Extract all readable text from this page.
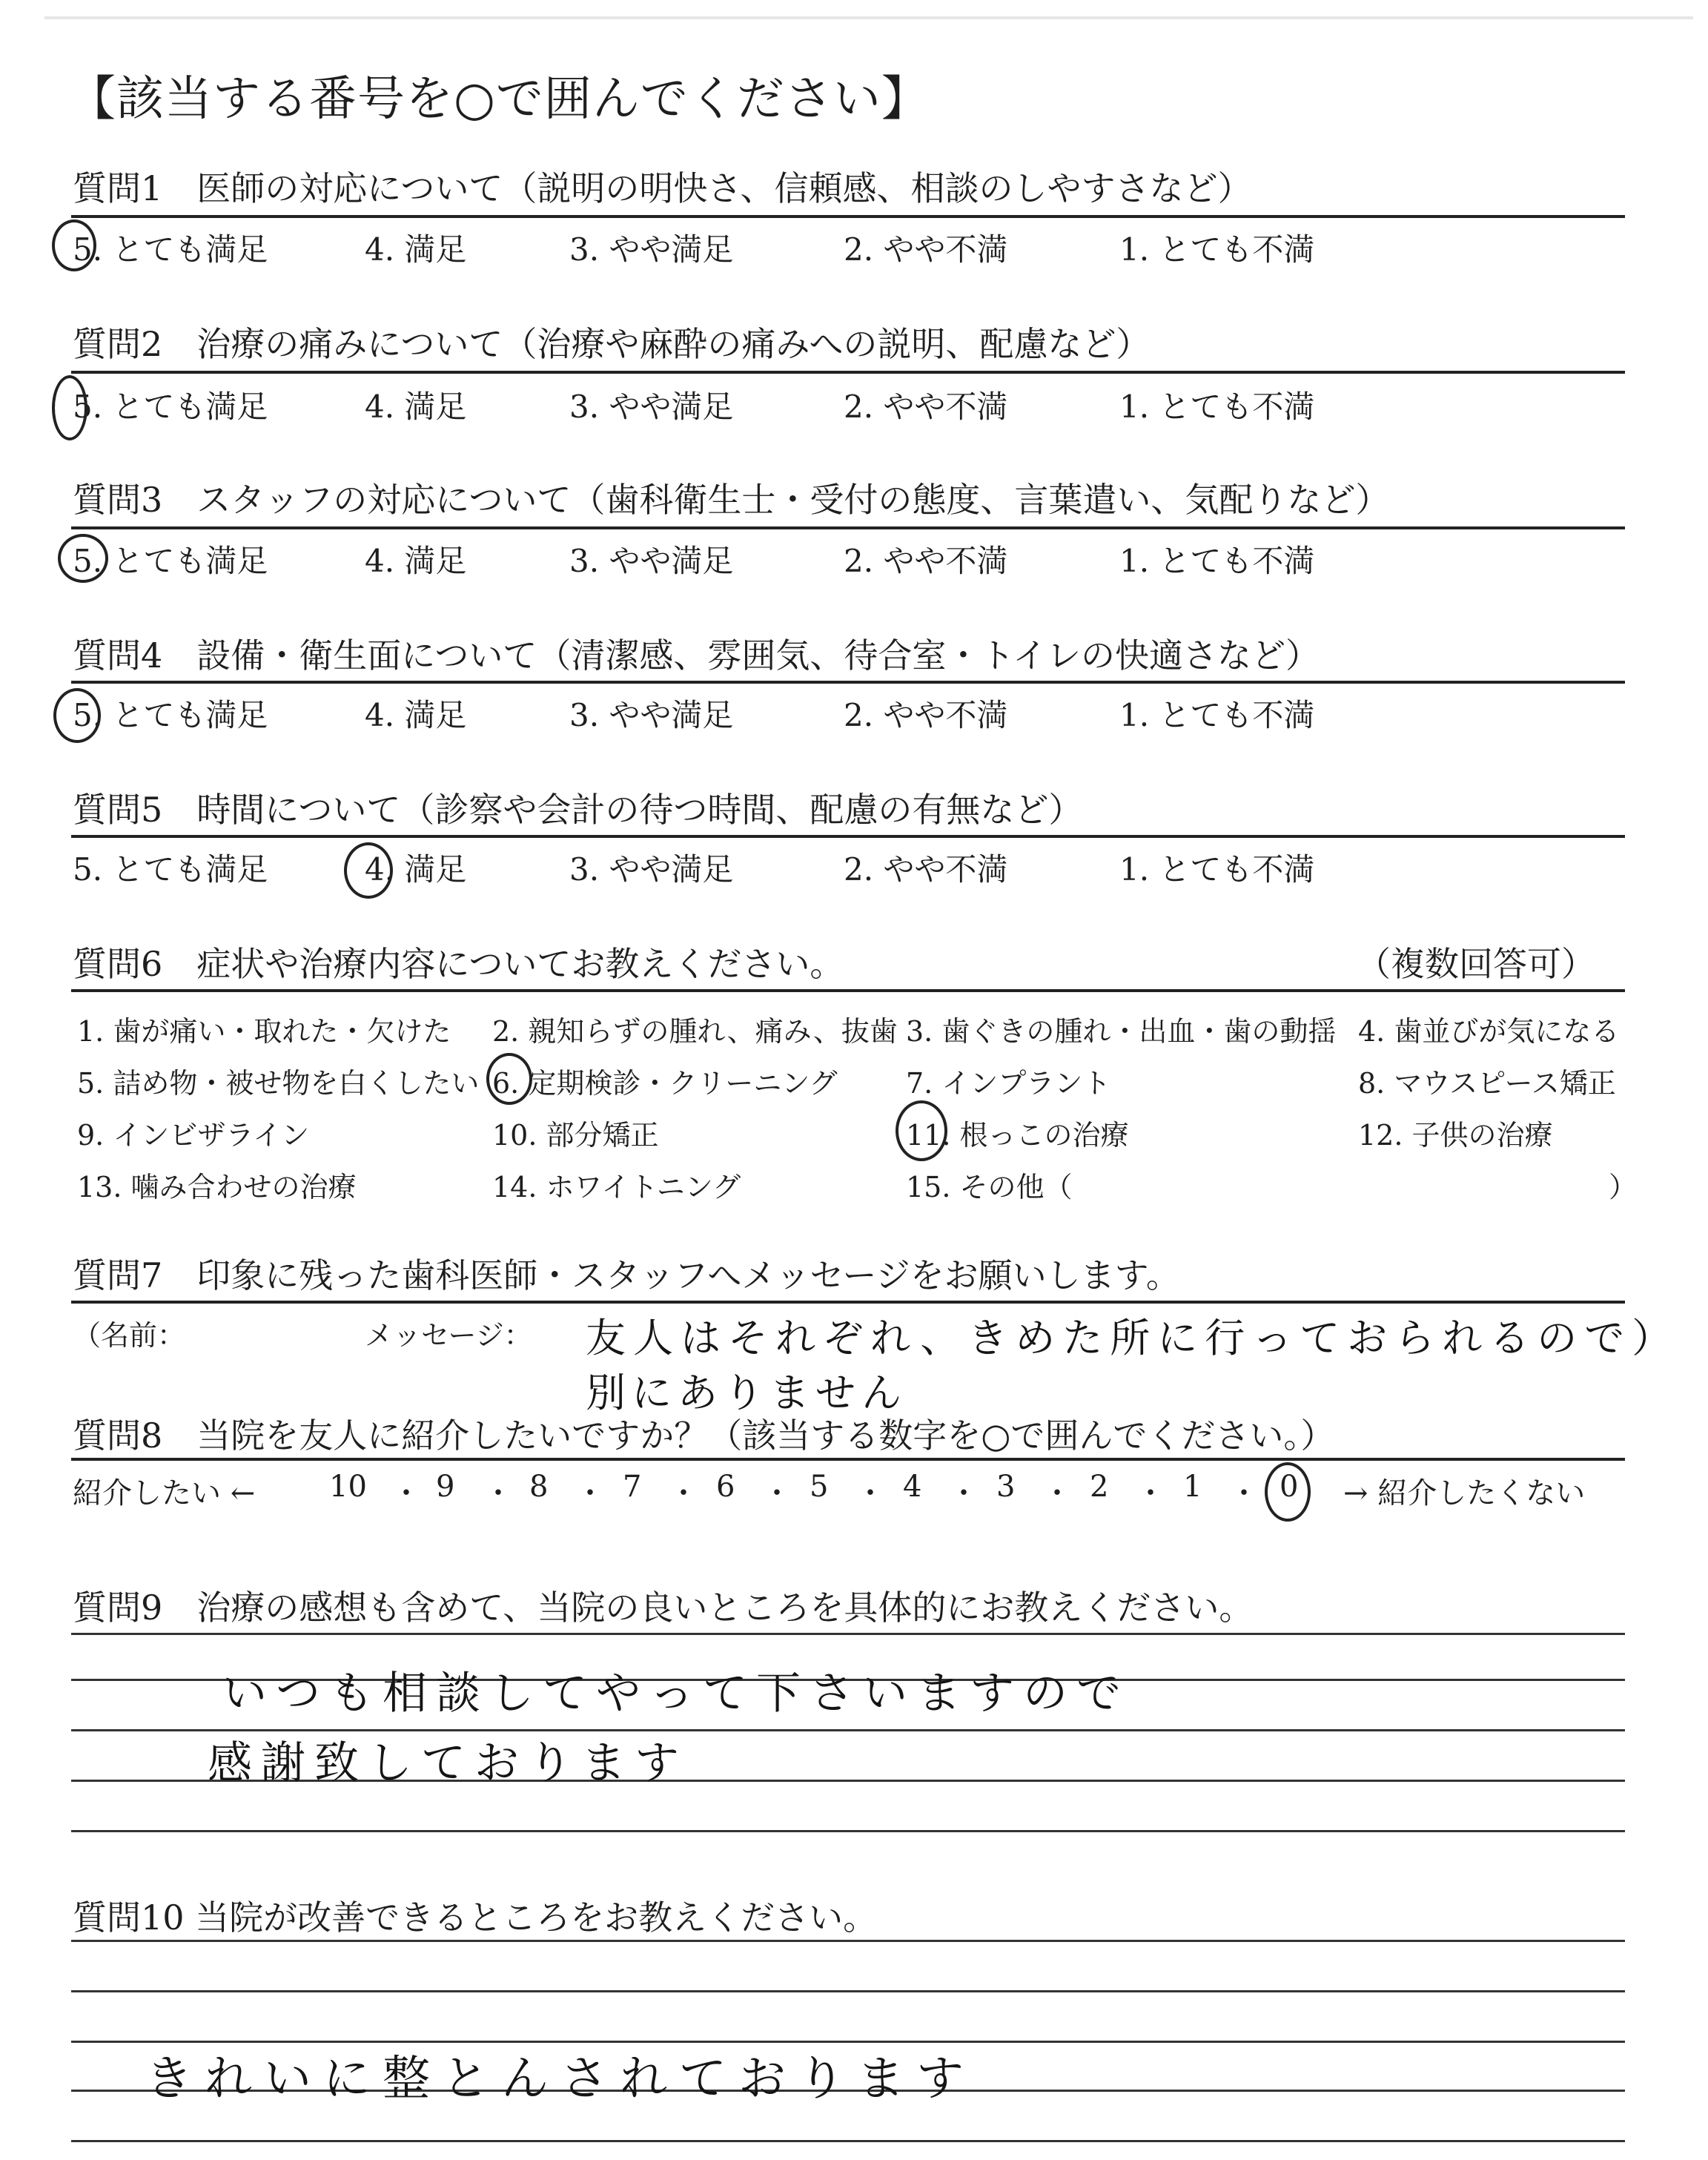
【該当する番号を○で囲んでください】
質問1　医師の対応について（説明の明快さ、信頼感、相談のしやすさなど）
5. とても満足	4. 満足	3. やや満足	2. やや不満	1. とても不満
質問2　治療の痛みについて（治療や麻酔の痛みへの説明、配慮など）
5. とても満足	4. 満足	3. やや満足	2. やや不満	1. とても不満
質問3　スタッフの対応について（歯科衛生士・受付の態度、言葉遣い、気配りなど）
5. とても満足	4. 満足	3. やや満足	2. やや不満	1. とても不満
質問4　設備・衛生面について（清潔感、雰囲気、待合室・トイレの快適さなど）
5. とても満足	4. 満足	3. やや満足	2. やや不満	1. とても不満
質問5　時間について（診察や会計の待つ時間、配慮の有無など）
5. とても満足	4. 満足	3. やや満足	2. やや不満	1. とても不満
質問6　症状や治療内容についてお教えください。	（複数回答可）
1. 歯が痛い・取れた・欠けた 2. 親知らずの腫れ、痛み、抜歯 3. 歯ぐきの腫れ・出血・歯の動揺 4. 歯並びが気になる
5. 詰め物・被せ物を白くしたい 6. 定期検診・クリーニング 7. インプラント	8. マウスピース矯正
9. インビザライン	10. 部分矯正	11. 根っこの治療	12. 子供の治療
13. 噛み合わせの治療	14. ホワイトニング	15. その他（	）
質問7　印象に残った歯科医師・スタッフへメッセージをお願いします。
（名前：	メッセージ： 友人はそれぞれ、きめた所に行っておられるので）
別にありません
質問8　当院を友人に紹介したいですか？（該当する数字を○で囲んでください。）
紹介したい ← 10 ・ 9 ・ 8 ・ 7 ・ 6 ・ 5 ・ 4 ・ 3 ・ 2 ・ 1 ・ 0 → 紹介したくない
質問9　治療の感想も含めて、当院の良いところを具体的にお教えください。
いつも相談してやって下さいますので
感謝致しております
質問10 当院が改善できるところをお教えください。
きれいに整とんされております
